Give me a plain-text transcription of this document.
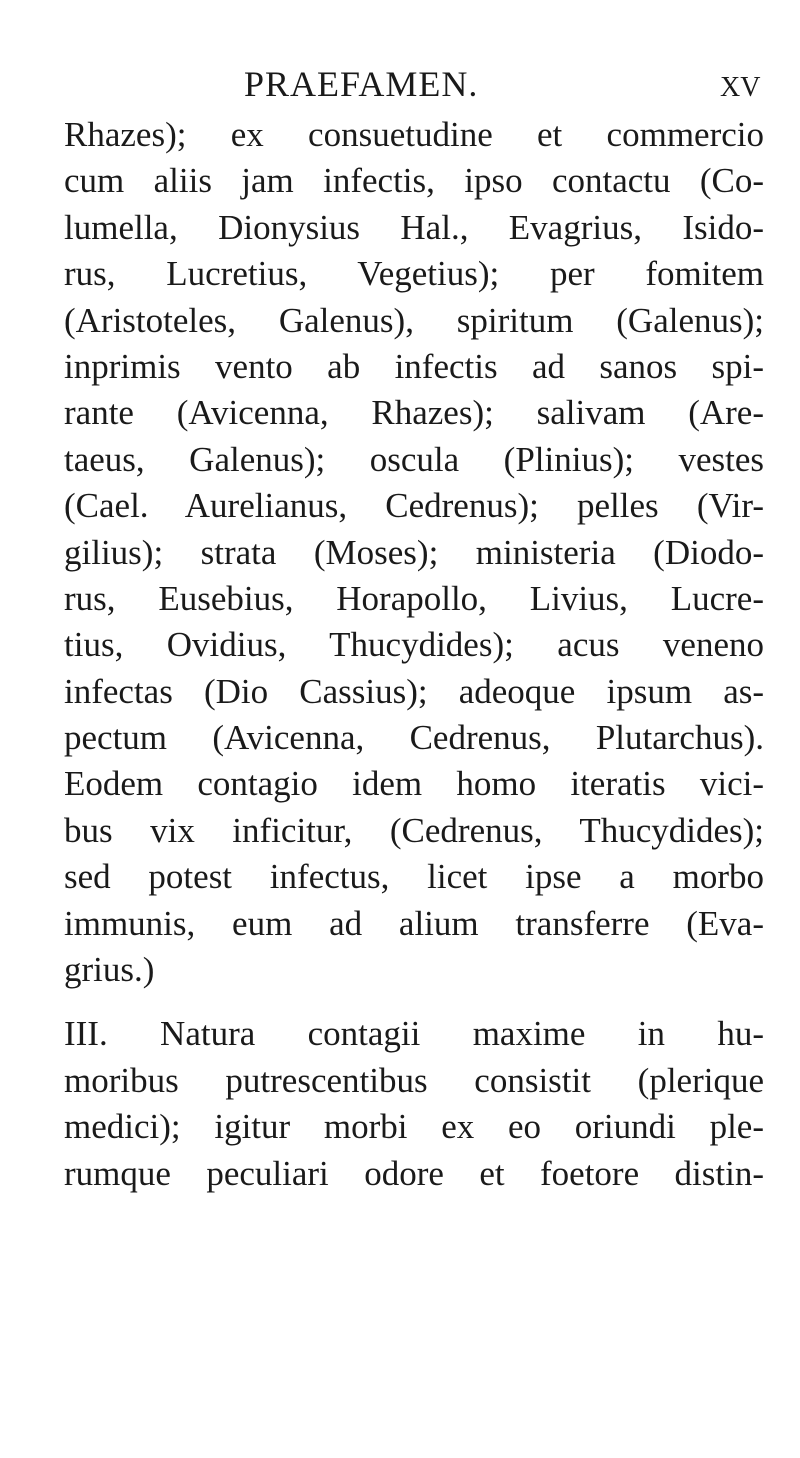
PRAEFAMEN.	XV
Rhazes); ex consuetudine et commercio
cum aliis jam infectis, ipso contactu (Co-
lumella, Dionysius Hal., Evagrius, Isido-
rus, Lucretius, Vegetius); per fomitem
(Aristoteles, Galenus), spiritum (Galenus);
inprimis vento ab infectis ad sanos spi-
rante (Avicenna, Rhazes); salivam (Are-
taeus, Galenus); oscula (Plinius); vestes
(Cael. Aurelianus, Cedrenus); pelles (Vir-
gilius); strata (Moses); ministeria (Diodo-
rus, Eusebius, Horapollo, Livius, Lucre-
tius, Ovidius, Thucydides); acus veneno
infectas (Dio Cassius); adeoque ipsum as-
pectum (Avicenna, Cedrenus, Plutarchus).
Eodem contagio idem homo iteratis vici-
bus vix inficitur, (Cedrenus, Thucydides);
sed potest infectus, licet ipse a morbo
immunis, eum ad alium transferre (Eva-
grius.)
III. Natura contagii maxime in hu-
moribus putrescentibus consistit (plerique
medici); igitur morbi ex eo oriundi ple-
rumque peculiari odore et foetore distin-
